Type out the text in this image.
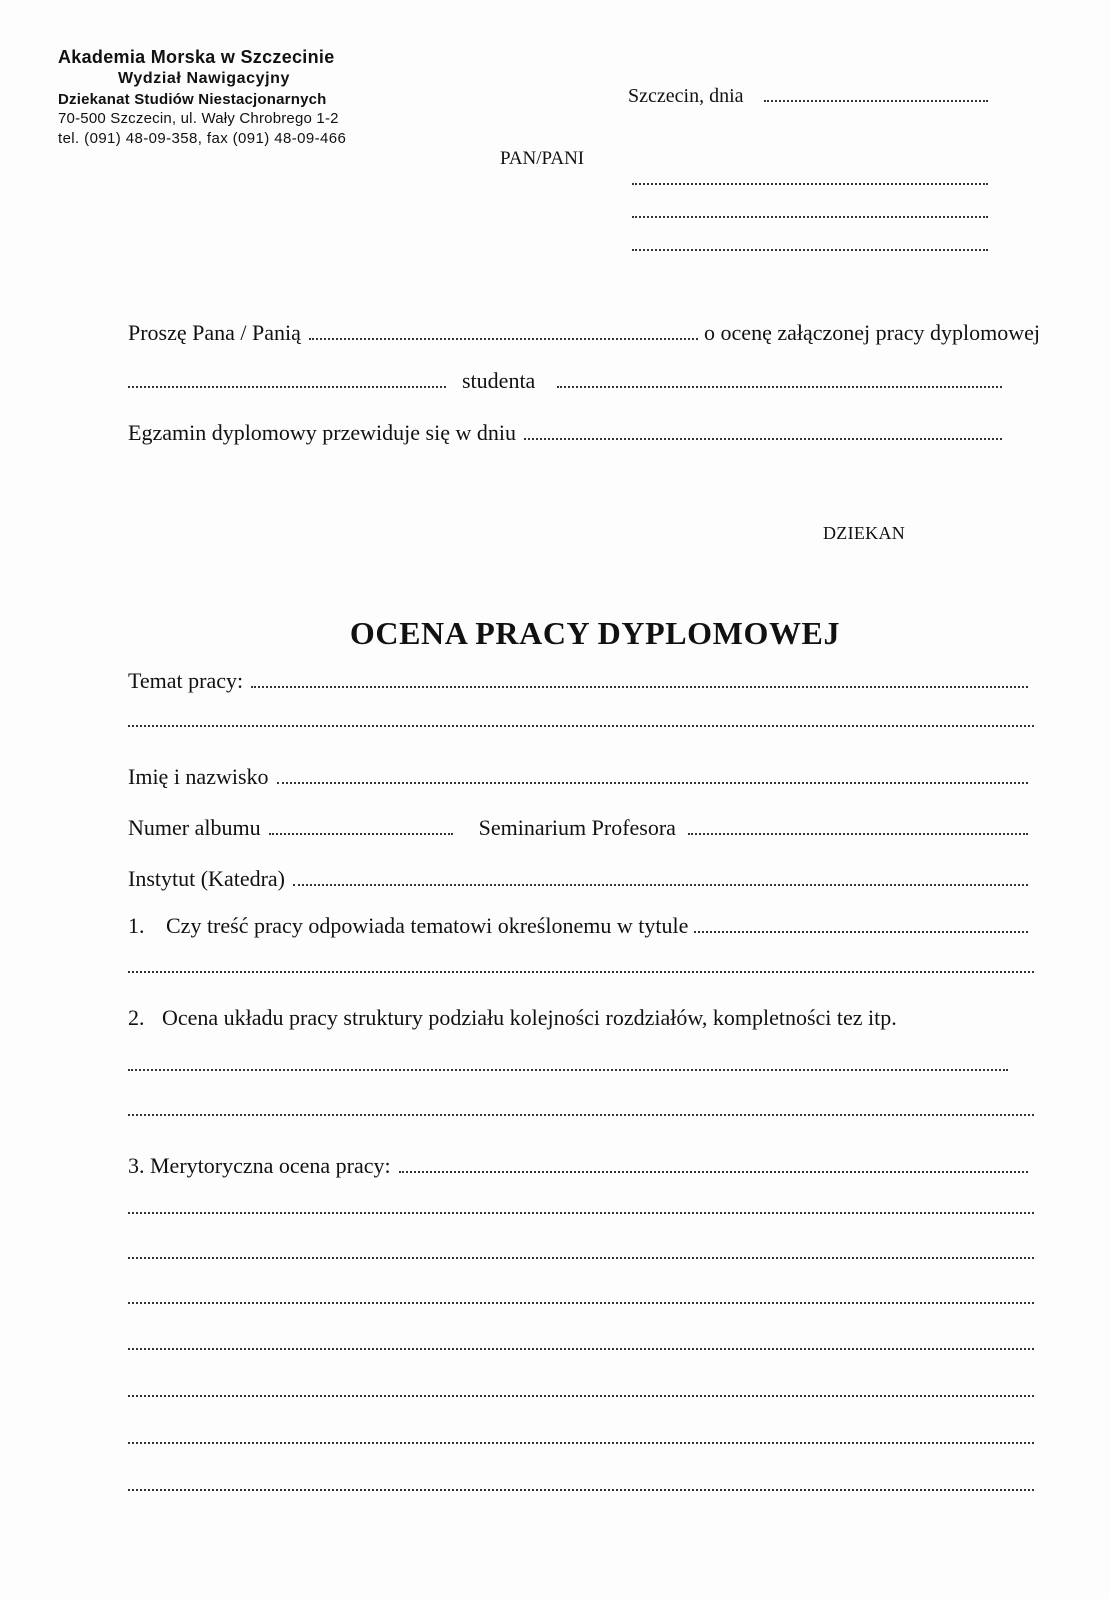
Akademia Morska w Szczecinie
Wydział Nawigacyjny
Dziekanat Studiów Niestacjonarnych
70-500 Szczecin, ul. Wały Chrobrego 1-2
tel. (091) 48-09-358, fax (091) 48-09-466
Szczecin, dnia
PAN/PANI
Proszę Pana / Panią	o ocenę załączonej pracy dyplomowej
studenta
Egzamin dyplomowy przewiduje się w dniu
DZIEKAN
OCENA PRACY DYPLOMOWEJ
Temat pracy:
Imię i nazwisko
Numer albumu	Seminarium Profesora
Instytut (Katedra)
1. Czy treść pracy odpowiada tematowi określonemu w tytule
2. Ocena układu pracy struktury podziału kolejności rozdziałów, kompletności tez itp.
3. Merytoryczna ocena pracy:
